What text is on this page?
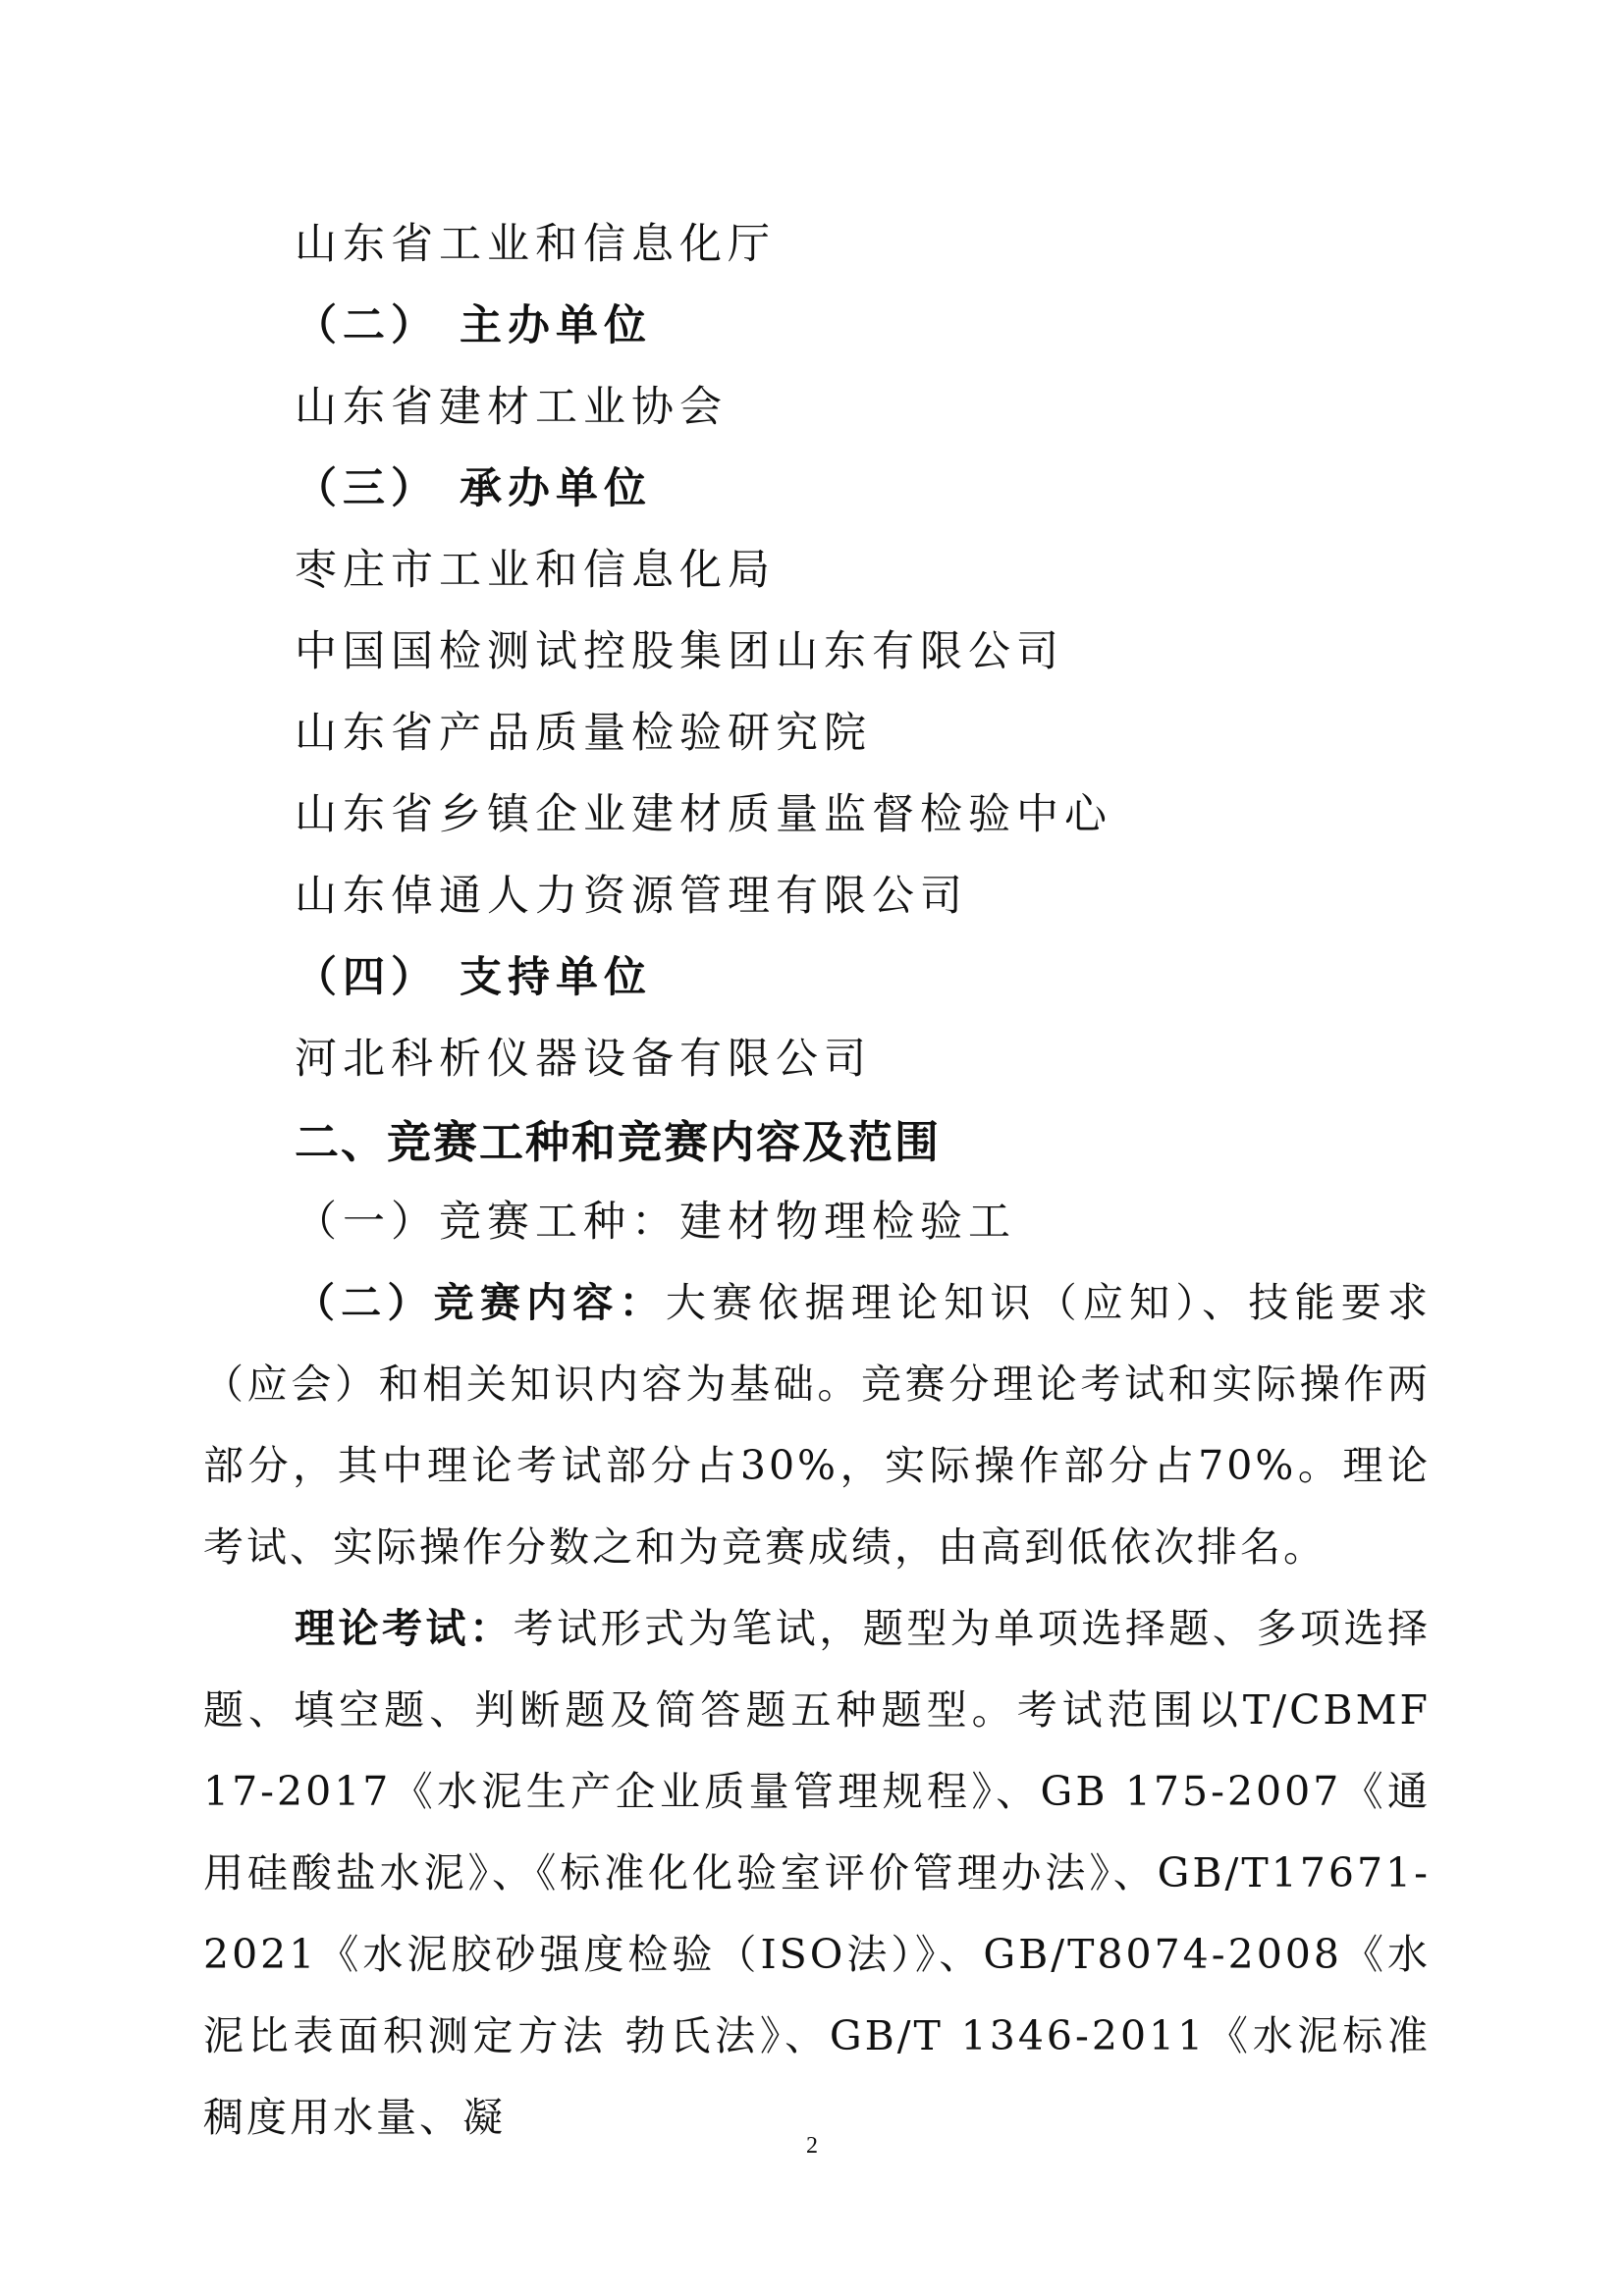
山东省工业和信息化厅
（二） 主办单位
山东省建材工业协会
（三） 承办单位
枣庄市工业和信息化局
中国国检测试控股集团山东有限公司
山东省产品质量检验研究院
山东省乡镇企业建材质量监督检验中心
山东倬通人力资源管理有限公司
（四） 支持单位
河北科析仪器设备有限公司
二、竞赛工种和竞赛内容及范围
（一）竞赛工种：建材物理检验工

（二）竞赛内容：大赛依据理论知识（应知）、技能要求（应会）和相关知识内容为基础。竞赛分理论考试和实际操作两部分，其中理论考试部分占30%，实际操作部分占70%。理论考试、实际操作分数之和为竞赛成绩，由高到低依次排名。

理论考试：考试形式为笔试，题型为单项选择题、多项选择题、填空题、判断题及简答题五种题型。考试范围以T/CBMF 17-2017《水泥生产企业质量管理规程》、GB 175-2007《通用硅酸盐水泥》、《标准化化验室评价管理办法》、GB/T17671-2021《水泥胶砂强度检验（ISO法）》、GB/T8074-2008《水泥比表面积测定方法 勃氏法》、GB/T 1346-2011《水泥标准稠度用水量、凝

2
